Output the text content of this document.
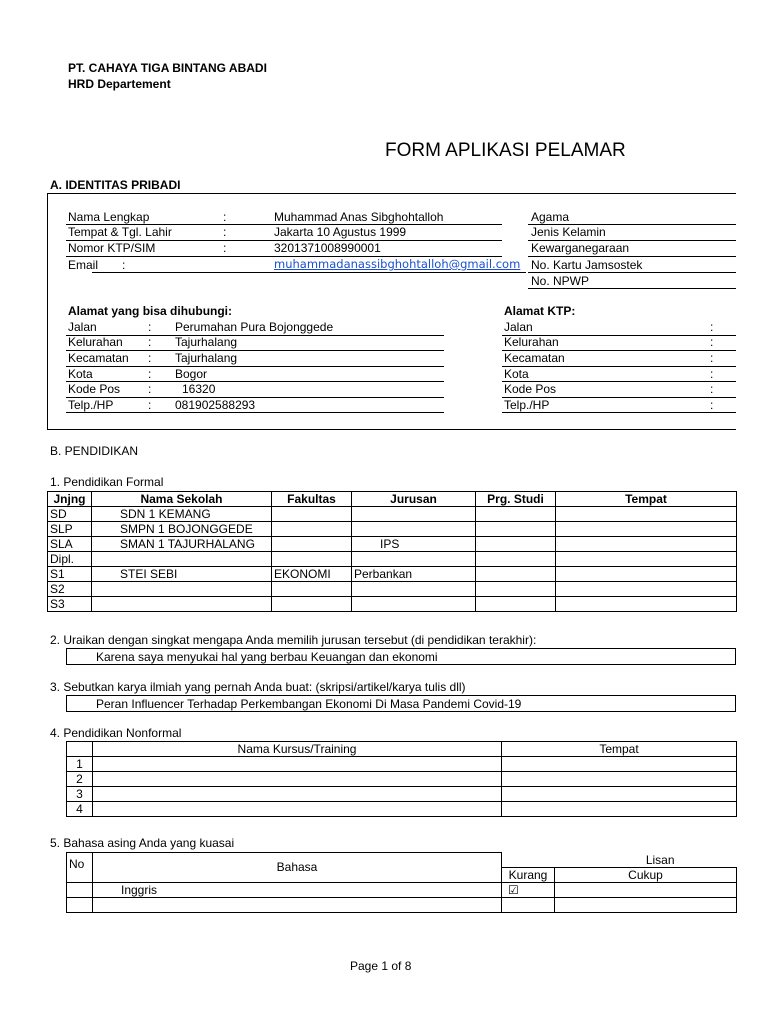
PT. CAHAYA TIGA BINTANG ABADI
HRD Departement
FORM APLIKASI PELAMAR
A. IDENTITAS PRIBADI
Nama Lengkap	:	Muhammad Anas Sibghohtalloh
Tempat & Tgl. Lahir	:	Jakarta 10 Agustus 1999
Nomor KTP/SIM	:	3201371008990001
Email :	muhammadanassibghohtalloh@gmail.com
Agama
Jenis Kelamin
Kewarganegaraan
No. Kartu Jamsostek
No. NPWP
Alamat yang bisa dihubungi:
Jalan	: Perumahan Pura Bojonggede
Kelurahan : Tajurhalang
Kecamatan : Tajurhalang
Kota	: Bogor
Kode Pos :	16320
Telp./HP	: 081902588293
Alamat KTP:
Jalan	:
Kelurahan	:
Kecamatan	:
Kota	:
Kode Pos	:
Telp./HP	:
B. PENDIDIKAN
1. Pendidikan Formal
Jnjng	Nama Sekolah	Fakultas	Jurusan	Prg. Studi	Tempat
SD	SDN 1 KEMANG				
SLP	SMPN 1 BOJONGGEDE				
SLA	SMAN 1 TAJURHALANG		IPS		
Dipl.					
S1	STEI SEBI	EKONOMI	Perbankan		
S2					
S3					
2. Uraikan dengan singkat mengapa Anda memilih jurusan tersebut (di pendidikan terakhir):
Karena saya menyukai hal yang berbau Keuangan dan ekonomi
3. Sebutkan karya ilmiah yang pernah Anda buat: (skripsi/artikel/karya tulis dll)
Peran Influencer Terhadap Perkembangan Ekonomi Di Masa Pandemi Covid-19
4. Pendidikan Nonformal
	Nama Kursus/Training	Tempat
1		
2		
3		
4		
5. Bahasa asing Anda yang kuasai
No	Bahasa	Lisan	
		Kurang	Cukup
	Inggris	☑	

Page 1 of 8
